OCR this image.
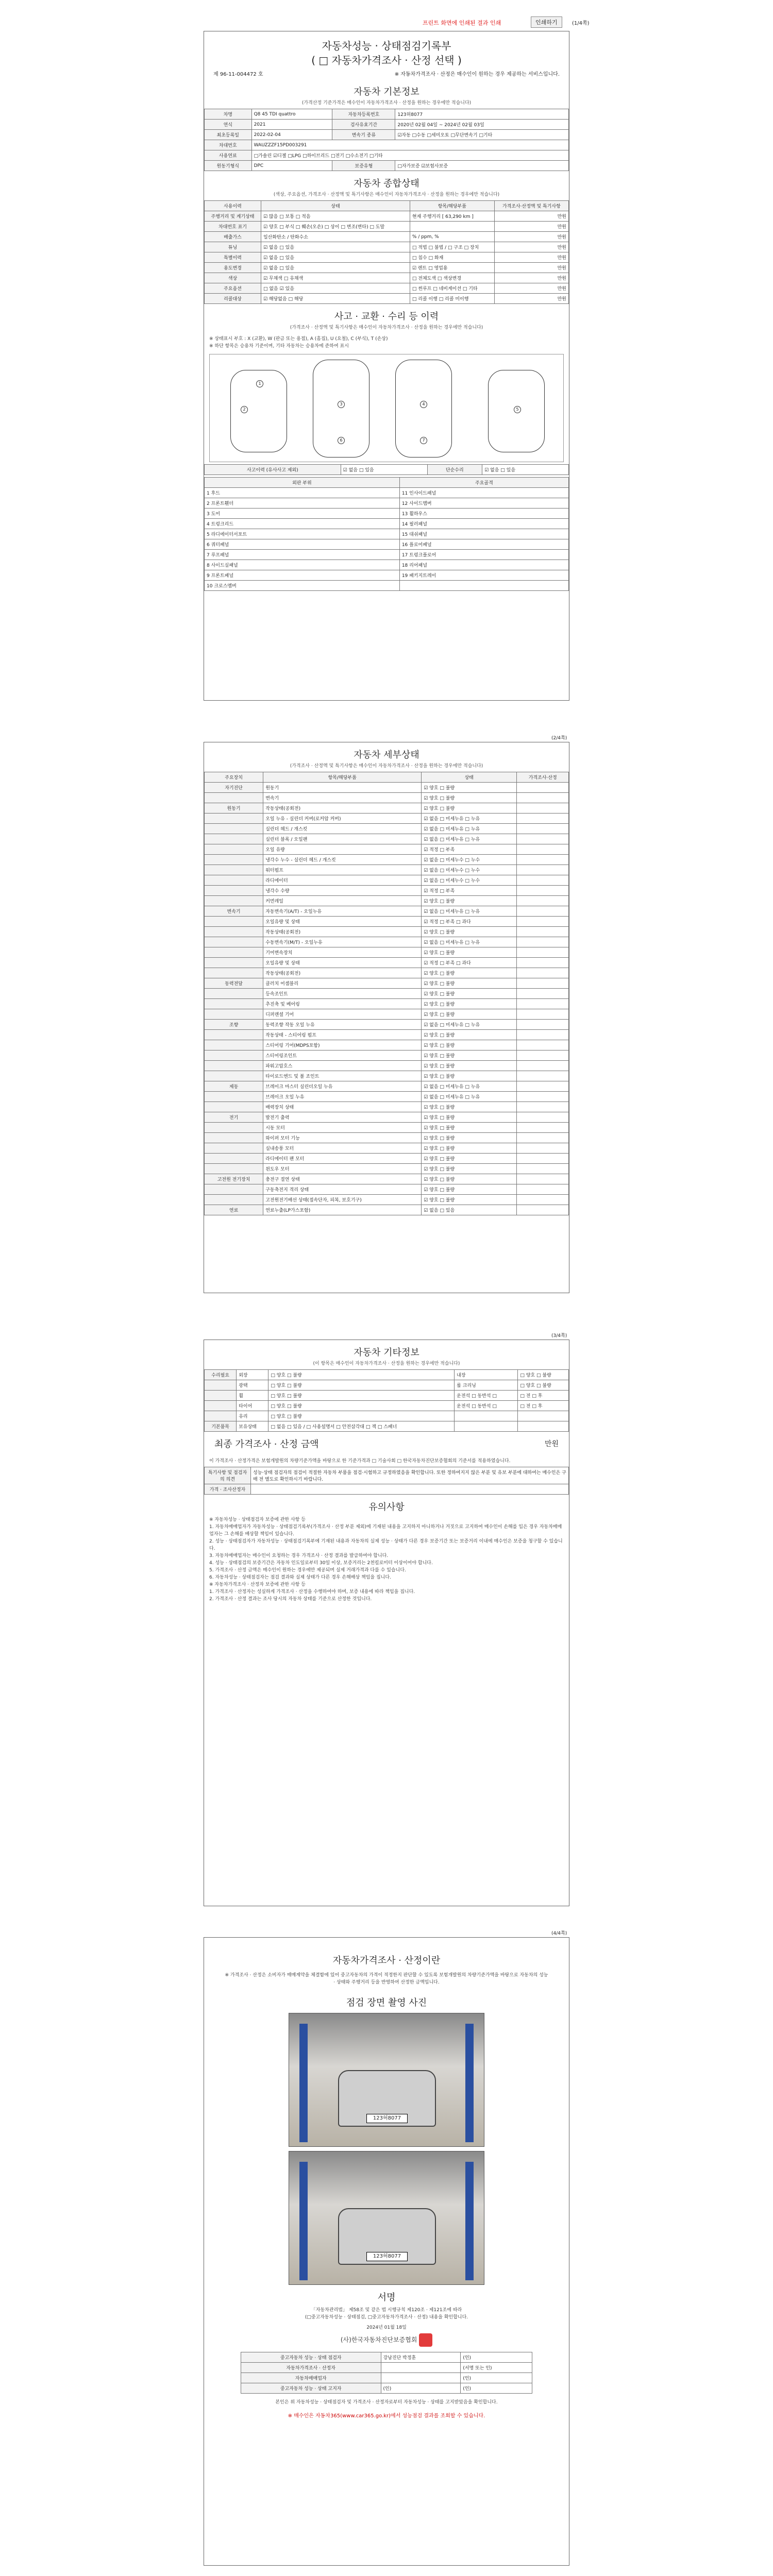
프린트 화면에 인쇄된 결과 인쇄	인쇄하기	(1/4쪽)
자동차성능 · 상태점검기록부
( □ 자동차가격조사 · 산정 선택 )
제 96-11-004472 호	※ 자동차가격조사 · 산정은 매수인이 원하는 경우 제공하는 서비스입니다.
자동차 기본정보
(가격산정 기준가격은 매수인이 자동차가격조사 · 산정을 원하는 경우에만 적습니다)
차명	Q8 45 TDI quattro	자동차등록번호	123허8077
연식	2021	검사유효기간	2020년 02월 04일 ~ 2024년 02월 03일
최초등록일	2022-02-04	변속기 종류	☑자동 □수동 □세미오토 □무단변속기 □기타
차대번호	WAUZZZF15PD003291		
사용연료	□가솔린 ☑디젤 □LPG □하이브리드 □전기 □수소전기 □기타		
원동기형식	DPC	보증유형	□자가보증 ☑보험사보증
자동차 종합상태
(색상, 주요옵션, 가격조사 · 산정액 및 특기사항은 매수인이 자동차가격조사 · 산정을 원하는 경우에만 적습니다)
사용이력	상태	항목/해당부품	가격조사·산정액 및 특기사항
주행거리 및 계기상태	☑ 많음 □ 보통 □ 적음	현재 주행거리 [ 63,290 km ]	만원
차대번호 표기	☑ 양호 □ 부식 □ 훼손(오손) □ 상이 □ 변조(변타) □ 도말		만원
배출가스	일산화탄소 / 탄화수소	% / ppm, %	만원
튜닝	☑ 없음 □ 있음	□ 적법 □ 불법 / □ 구조 □ 장치	만원
특별이력	☑ 없음 □ 있음	□ 침수 □ 화재	만원
용도변경	☑ 없음 □ 있음	☑ 렌트 □ 영업용	만원
색상	☑ 무채색 □ 유채색	□ 전체도색 □ 색상변경	만원
주요옵션	□ 없음 ☑ 있음	□ 썬루프 □ 네비게이션 □ 기타	만원
리콜대상	☑ 해당없음 □ 해당	□ 리콜 이행 □ 리콜 미이행	만원
사고 · 교환 · 수리 등 이력
(가격조사 · 산정액 및 특기사항은 매수인이 자동차가격조사 · 산정을 원하는 경우에만 적습니다)
※ 상태표시 부호 : X (교환), W (판금 또는 용접), A (흠집), U (요철), C (부식), T (손상)
※ 하단 항목은 승용차 기준이며, 기타 자동차는 승용차에 준하여 표시
1
2
3	4
5
6	7
사고이력 (유사사고 제외)	☑ 없음 □ 있음	단순수리	☑ 없음 □ 있음
외판 부위	주요골격
1 후드	11 인사이드패널
2 프론트휀더	12 사이드멤버
3 도어	13 휠하우스
4 트렁크리드	14 필러패널
5 라디에이터서포트	15 대쉬패널
6 쿼터패널	16 플로어패널
7 루프패널	17 트렁크플로어
8 사이드실패널	18 리어패널
9 프론트패널	19 패키지트레이
10 크로스멤버	
자동차 세부상태
(가격조사 · 산정액 및 특기사항은 매수인이 자동차가격조사 · 산정을 원하는 경우에만 적습니다)
주요장치	항목/해당부품	상태	가격조사·산정
자기진단	원동기	☑ 양호 □ 불량	
	변속기	☑ 양호 □ 불량	
원동기	작동상태(공회전)	☑ 양호 □ 불량	
	오일 누유 - 실린더 커버(로커암 커버)	☑ 없음 □ 미세누유 □ 누유	
	실린더 헤드 / 개스킷	☑ 없음 □ 미세누유 □ 누유	
	실린더 블록 / 오일팬	☑ 없음 □ 미세누유 □ 누유	
	오일 유량	☑ 적정 □ 부족	
	냉각수 누수 - 실린더 헤드 / 개스킷	☑ 없음 □ 미세누수 □ 누수	
	워터펌프	☑ 없음 □ 미세누수 □ 누수	
	라디에이터	☑ 없음 □ 미세누수 □ 누수	
	냉각수 수량	☑ 적정 □ 부족	
	커먼레일	☑ 양호 □ 불량	
변속기	자동변속기(A/T) - 오일누유	☑ 없음 □ 미세누유 □ 누유	
	오일유량 및 상태	☑ 적정 □ 부족 □ 과다	
	작동상태(공회전)	☑ 양호 □ 불량	
	수동변속기(M/T) - 오일누유	☑ 없음 □ 미세누유 □ 누유	
	기어변속장치	☑ 양호 □ 불량	
	오일유량 및 상태	☑ 적정 □ 부족 □ 과다	
	작동상태(공회전)	☑ 양호 □ 불량	
동력전달	클러치 어셈블리	☑ 양호 □ 불량	
	등속조인트	☑ 양호 □ 불량	
	추진축 및 베어링	☑ 양호 □ 불량	
	디퍼렌셜 기어	☑ 양호 □ 불량	
조향	동력조향 작동 오일 누유	☑ 없음 □ 미세누유 □ 누유	
	작동상태 - 스티어링 펌프	☑ 양호 □ 불량	
	스티어링 기어(MDPS포함)	☑ 양호 □ 불량	
	스티어링조인트	☑ 양호 □ 불량	
	파워고압호스	☑ 양호 □ 불량	
	타이로드엔드 및 볼 조인트	☑ 양호 □ 불량	
제동	브레이크 마스터 실린더오일 누유	☑ 없음 □ 미세누유 □ 누유	
	브레이크 오일 누유	☑ 없음 □ 미세누유 □ 누유	
	배력장치 상태	☑ 양호 □ 불량	
전기	발전기 출력	☑ 양호 □ 불량	
	시동 모터	☑ 양호 □ 불량	
	와이퍼 모터 기능	☑ 양호 □ 불량	
	실내송풍 모터	☑ 양호 □ 불량	
	라디에이터 팬 모터	☑ 양호 □ 불량	
	윈도우 모터	☑ 양호 □ 불량	
고전원 전기장치	충전구 절연 상태	☑ 양호 □ 불량	
	구동축전지 격리 상태	☑ 양호 □ 불량	
	고전원전기배선 상태(접속단자, 피복, 보호기구)	☑ 양호 □ 불량	
연료	연료누출(LP가스포함)	☑ 없음 □ 있음	
(2/4쪽)
자동차 기타정보
(이 항목은 매수인이 자동차가격조사 · 산정을 원하는 경우에만 적습니다)
수리필요	외장	□ 양호 □ 불량	내장	□ 양호 □ 불량
	광택	□ 양호 □ 불량	룸 크리닝	□ 양호 □ 불량
	휠	□ 양호 □ 불량	운전석 □ 동반석 □	□ 전 □ 후
	타이어	□ 양호 □ 불량	운전석 □ 동반석 □	□ 전 □ 후
	유리	□ 양호 □ 불량		
기본품목	보유상태	□ 없음 □ 있음 / □ 사용설명서 □ 안전삼각대 □ 잭 □ 스패너		
최종 가격조사 · 산정 금액	만원
이 가격조사 · 산정가격은 보험개발원의 차량기준가액을 바탕으로 한 기준가격과 □ 기술사회 □ 한국자동차진단보증협회의 기준서를 적용하였습니다.
특기사항 및 점검자의 의견	성능·상태 점검자의 점검이 적절한 자동차 부품을 점검·시험하고 규정하였음을 확인합니다. 또한 정하여지지 않은 부분 및 유보 부분에 대하여는 매수인은 구매 전 별도로 확인하시기 바랍니다.
가격 · 조사산정자	
유의사항
※ 자동차성능 · 상태점검자 보증에 관한 사항 등
1. 자동차매매업자가 자동차성능 · 상태점검기록부(가격조사 · 산정 부분 제외)에 기재된 내용을 고지하지 아니하거나 거짓으로 고지하여 매수인이 손해를 입은 경우 자동차매매업자는 그 손해를 배상할 책임이 있습니다.
2. 성능 · 상태점검자가 자동차성능 · 상태점검기록부에 기재된 내용과 자동차의 실제 성능 · 상태가 다른 경우 보증기간 또는 보증거리 이내에 매수인은 보증을 청구할 수 있습니다.
3. 자동차매매업자는 매수인이 요청하는 경우 가격조사 · 산정 결과를 발급하여야 합니다.
4. 성능 · 상태점검의 보증기간은 자동차 인도일로부터 30일 이상, 보증거리는 2천킬로미터 이상이어야 합니다.
5. 가격조사 · 산정 금액은 매수인이 원하는 경우에만 제공되며 실제 거래가격과 다를 수 있습니다.
6. 자동차성능 · 상태점검자는 점검 결과와 실제 상태가 다른 경우 손해배상 책임을 집니다.
※ 자동차가격조사 · 산정자 보증에 관한 사항 등
1. 가격조사 · 산정자는 성실하게 가격조사 · 산정을 수행하여야 하며, 보증 내용에 따라 책임을 집니다.
2. 가격조사 · 산정 결과는 조사 당시의 자동차 상태를 기준으로 산정한 것입니다.
(3/4쪽)
자동차가격조사 · 산정이란
※ 가격조사 · 산정은 소비자가 매매계약을 체결함에 있어 중고자동차의 가격이 적정한지 판단할 수 있도록 보험개발원의 차량기준가액을 바탕으로 자동차의 성능 · 상태와 주행거리 등을 반영하여 산정한 금액입니다.
점검 장면 촬영 사진
123허8077
123허8077
서명
「자동차관리법」 제58조 및 같은 법 시행규칙 제120조 · 제121조에 따라
(□중고자동차성능 · 상태점검, □중고자동차가격조사 · 산정) 내용을 확인합니다.
2024년 01월 18일
(사)한국자동차진단보증협회
중고자동차 성능 · 상태 점검자	강남진단 박정훈	(인)
자동차가격조사 · 산정자		(서명 또는 인)
자동차매매업자		(인)
중고자동차 성능 · 상태 고지자	(인)	(인)
본인은 위 자동차성능 · 상태점검자 및 가격조사 · 산정자로부터 자동차성능 · 상태를 고지받았음을 확인합니다.
※ 매수인은 자동차365(www.car365.go.kr)에서 성능점검 결과를 조회할 수 있습니다.
(4/4쪽)
